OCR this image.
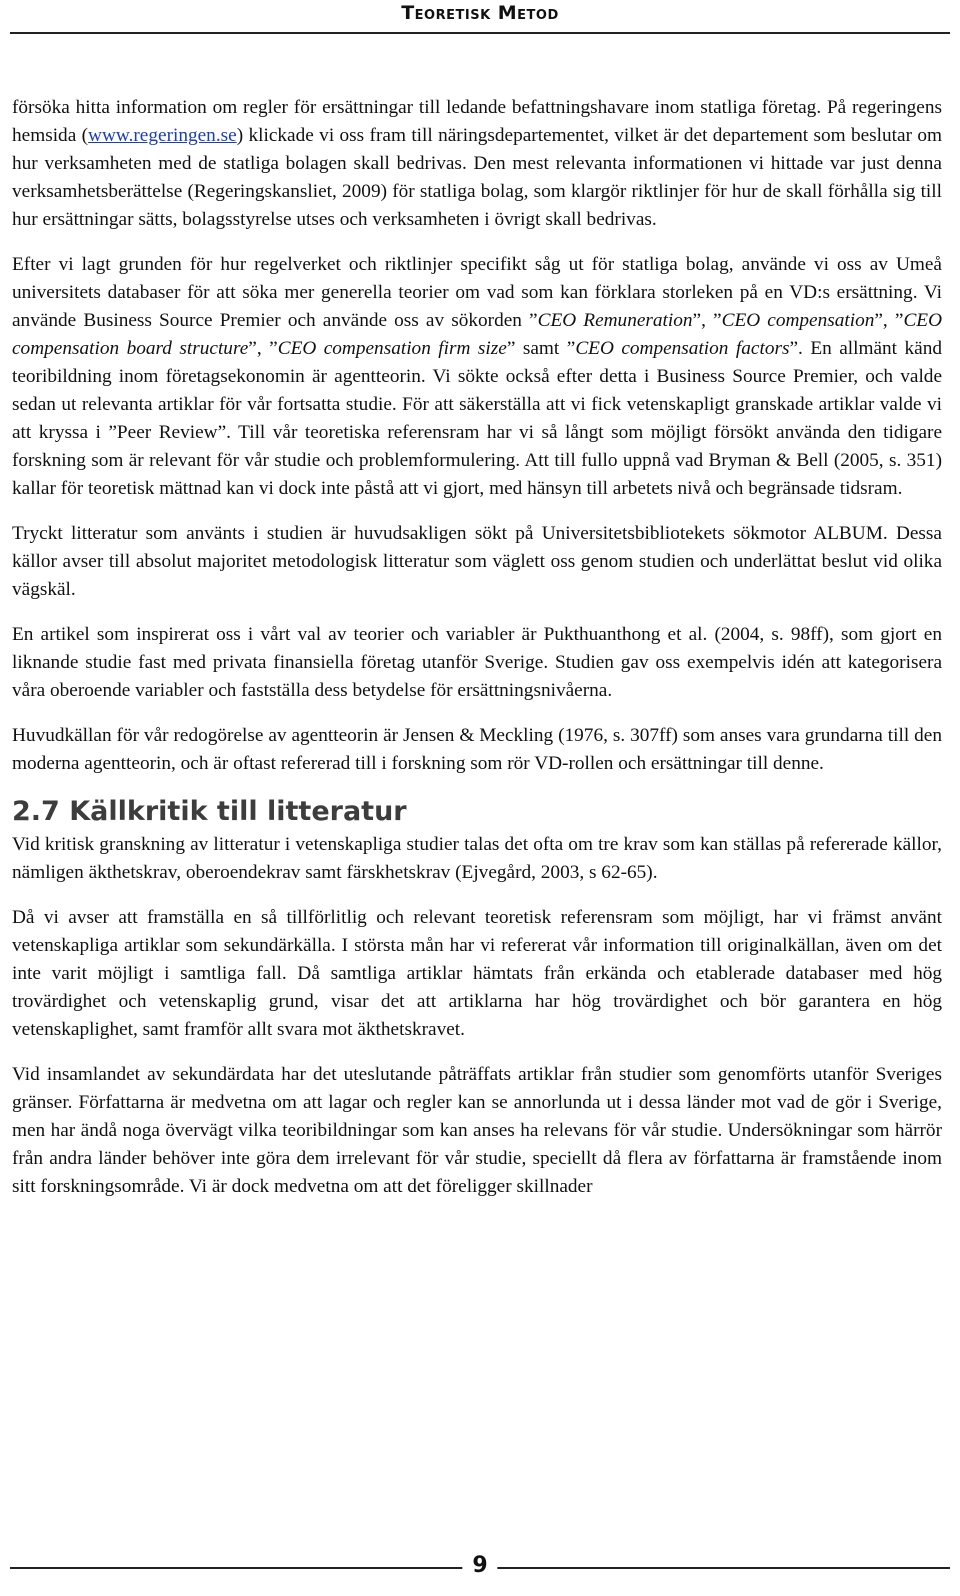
Teoretisk Metod

försöka hitta information om regler för ersättningar till ledande befattningshavare inom statliga företag. På regeringens hemsida (www.regeringen.se) klickade vi oss fram till näringsdepartementet, vilket är det departement som beslutar om hur verksamheten med de statliga bolagen skall bedrivas. Den mest relevanta informationen vi hittade var just denna verksamhetsberättelse (Regeringskansliet, 2009) för statliga bolag, som klargör riktlinjer för hur de skall förhålla sig till hur ersättningar sätts, bolagsstyrelse utses och verksamheten i övrigt skall bedrivas.

Efter vi lagt grunden för hur regelverket och riktlinjer specifikt såg ut för statliga bolag, använde vi oss av Umeå universitets databaser för att söka mer generella teorier om vad som kan förklara storleken på en VD:s ersättning. Vi använde Business Source Premier och använde oss av sökorden ”CEO Remuneration”, ”CEO compensation”, ”CEO compensation board structure”, ”CEO compensation firm size” samt ”CEO compensation factors”. En allmänt känd teoribildning inom företagsekonomin är agentteorin. Vi sökte också efter detta i Business Source Premier, och valde sedan ut relevanta artiklar för vår fortsatta studie. För att säkerställa att vi fick vetenskapligt granskade artiklar valde vi att kryssa i ”Peer Review”. Till vår teoretiska referensram har vi så långt som möjligt försökt använda den tidigare forskning som är relevant för vår studie och problemformulering. Att till fullo uppnå vad Bryman & Bell (2005, s. 351) kallar för teoretisk mättnad kan vi dock inte påstå att vi gjort, med hänsyn till arbetets nivå och begränsade tidsram.

Tryckt litteratur som använts i studien är huvudsakligen sökt på Universitetsbibliotekets sökmotor ALBUM. Dessa källor avser till absolut majoritet metodologisk litteratur som väglett oss genom studien och underlättat beslut vid olika vägskäl.

En artikel som inspirerat oss i vårt val av teorier och variabler är Pukthuanthong et al. (2004, s. 98ff), som gjort en liknande studie fast med privata finansiella företag utanför Sverige. Studien gav oss exempelvis idén att kategorisera våra oberoende variabler och fastställa dess betydelse för ersättningsnivåerna.

Huvudkällan för vår redogörelse av agentteorin är Jensen & Meckling (1976, s. 307ff) som anses vara grundarna till den moderna agentteorin, och är oftast refererad till i forskning som rör VD-rollen och ersättningar till denne.

2.7 Källkritik till litteratur

Vid kritisk granskning av litteratur i vetenskapliga studier talas det ofta om tre krav som kan ställas på refererade källor, nämligen äkthetskrav, oberoendekrav samt färskhetskrav (Ejvegård, 2003, s 62-65).

Då vi avser att framställa en så tillförlitlig och relevant teoretisk referensram som möjligt, har vi främst använt vetenskapliga artiklar som sekundärkälla. I största mån har vi refererat vår information till originalkällan, även om det inte varit möjligt i samtliga fall. Då samtliga artiklar hämtats från erkända och etablerade databaser med hög trovärdighet och vetenskaplig grund, visar det att artiklarna har hög trovärdighet och bör garantera en hög vetenskaplighet, samt framför allt svara mot äkthetskravet.

Vid insamlandet av sekundärdata har det uteslutande påträffats artiklar från studier som genomförts utanför Sveriges gränser. Författarna är medvetna om att lagar och regler kan se annorlunda ut i dessa länder mot vad de gör i Sverige, men har ändå noga övervägt vilka teoribildningar som kan anses ha relevans för vår studie. Undersökningar som härrör från andra länder behöver inte göra dem irrelevant för vår studie, speciellt då flera av författarna är framstående inom sitt forskningsområde. Vi är dock medvetna om att det föreligger skillnader

9
